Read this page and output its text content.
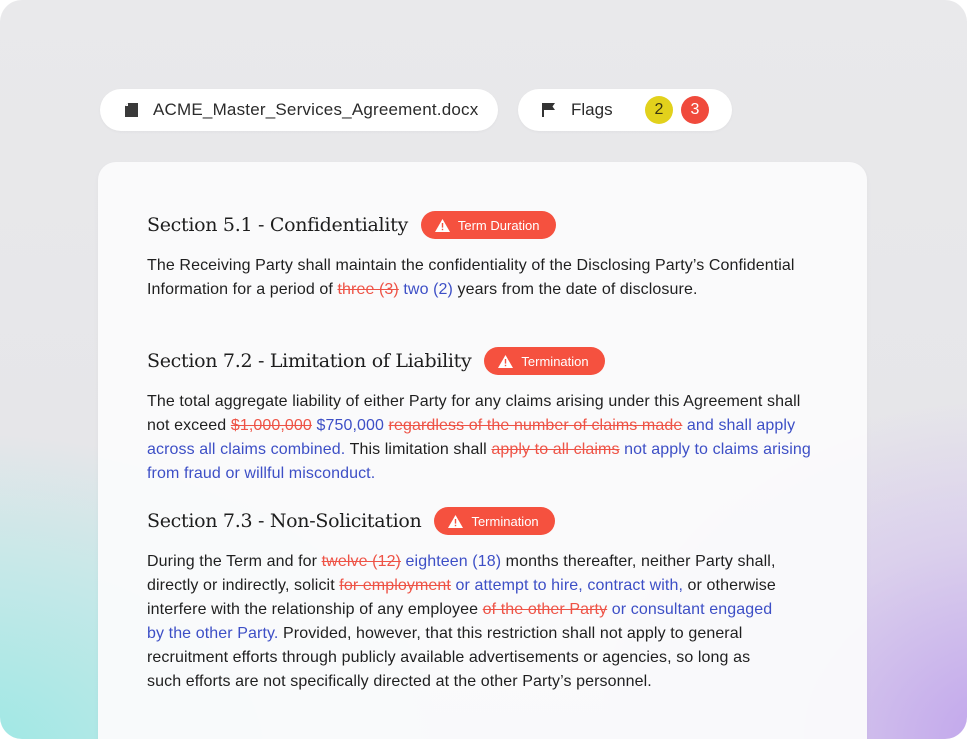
ACME_Master_Services_Agreement.docx	Flags	2	3
Section 5.1 - Confidentiality	Term Duration

The Receiving Party shall maintain the confidentiality of the Disclosing Party’s Confidential Information for a period of three (3) two (2) years from the date of disclosure.

Section 7.2 - Limitation of Liability	Termination

The total aggregate liability of either Party for any claims arising under this Agreement shall not exceed $1,000,000 $750,000 regardless of the number of claims made and shall apply across all claims combined. This limitation shall apply to all claims not apply to claims arising from fraud or willful misconduct.

Section 7.3 - Non-Solicitation	Termination

During the Term and for twelve (12) eighteen (18) months thereafter, neither Party shall, directly or indirectly, solicit for employment or attempt to hire, contract with, or otherwise interfere with the relationship of any employee of the other Party or consultant engaged by the other Party. Provided, however, that this restriction shall not apply to general recruitment efforts through publicly available advertisements or agencies, so long as such efforts are not specifically directed at the other Party’s personnel.
